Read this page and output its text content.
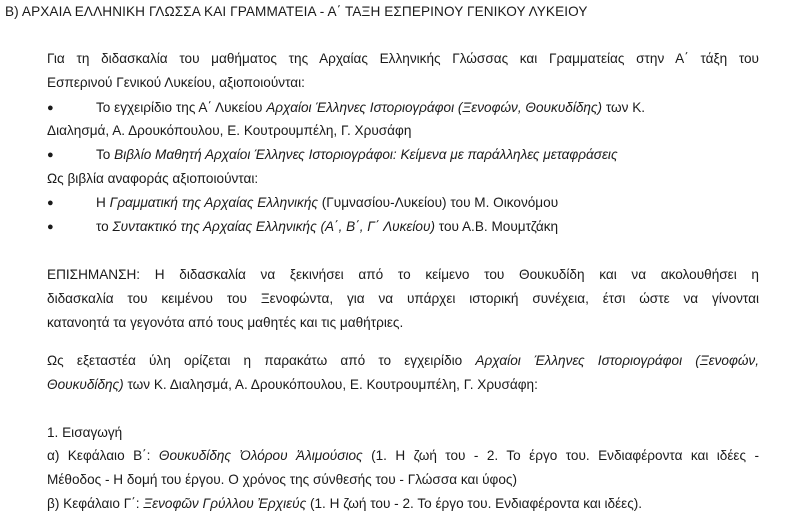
Β) ΑΡΧΑΙΑ ΕΛΛΗΝΙΚΗ ΓΛΩΣΣΑ ΚΑΙ ΓΡΑΜΜΑΤΕΙΑ - Α΄ ΤΑΞΗ ΕΣΠΕΡΙΝΟΥ ΓΕΝΙΚΟΥ ΛΥΚΕΙΟΥ
Για τη διδασκαλία του μαθήματος της Αρχαίας Ελληνικής Γλώσσας και Γραμματείας στην Α΄ τάξη του
Εσπερινού Γενικού Λυκείου, αξιοποιούνται:
●	Το εγχειρίδιο της Α΄ Λυκείου Αρχαίοι Έλληνες Ιστοριογράφοι (Ξενοφών, Θουκυδίδης) των Κ.
Διαλησμά, Α. Δρουκόπουλου, Ε. Κουτρουμπέλη, Γ. Χρυσάφη
●	Το Βιβλίο Μαθητή Αρχαίοι Έλληνες Ιστοριογράφοι: Κείμενα με παράλληλες μεταφράσεις
Ως βιβλία αναφοράς αξιοποιούνται:
●	Η Γραμματική της Αρχαίας Ελληνικής (Γυμνασίου-Λυκείου) του Μ. Οικονόμου
●	το Συντακτικό της Αρχαίας Ελληνικής (Α΄, Β΄, Γ΄ Λυκείου) του Α.Β. Μουμτζάκη
ΕΠΙΣΗΜΑΝΣΗ: Η διδασκαλία να ξεκινήσει από το κείμενο του Θουκυδίδη και να ακολουθήσει η
διδασκαλία του κειμένου του Ξενοφώντα, για να υπάρχει ιστορική συνέχεια, έτσι ώστε να γίνονται
κατανοητά τα γεγονότα από τους μαθητές και τις μαθήτριες.
Ως εξεταστέα ύλη ορίζεται η παρακάτω από το εγχειρίδιο Αρχαίοι Έλληνες Ιστοριογράφοι (Ξενοφών,
Θουκυδίδης) των Κ. Διαλησμά, Α. Δρουκόπουλου, Ε. Κουτρουμπέλη, Γ. Χρυσάφη:
1. Εισαγωγή
α) Κεφάλαιο Β΄: Θουκυδίδης Ὀλόρου Ἁλιμούσιος (1. Η ζωή του - 2. Το έργο του. Ενδιαφέροντα και ιδέες -
Μέθοδος - Η δομή του έργου. Ο χρόνος της σύνθεσής του - Γλώσσα και ύφος)
β) Κεφάλαιο Γ΄: Ξενοφῶν Γρύλλου Ἐρχιεύς (1. Η ζωή του - 2. Το έργο του. Ενδιαφέροντα και ιδέες).
